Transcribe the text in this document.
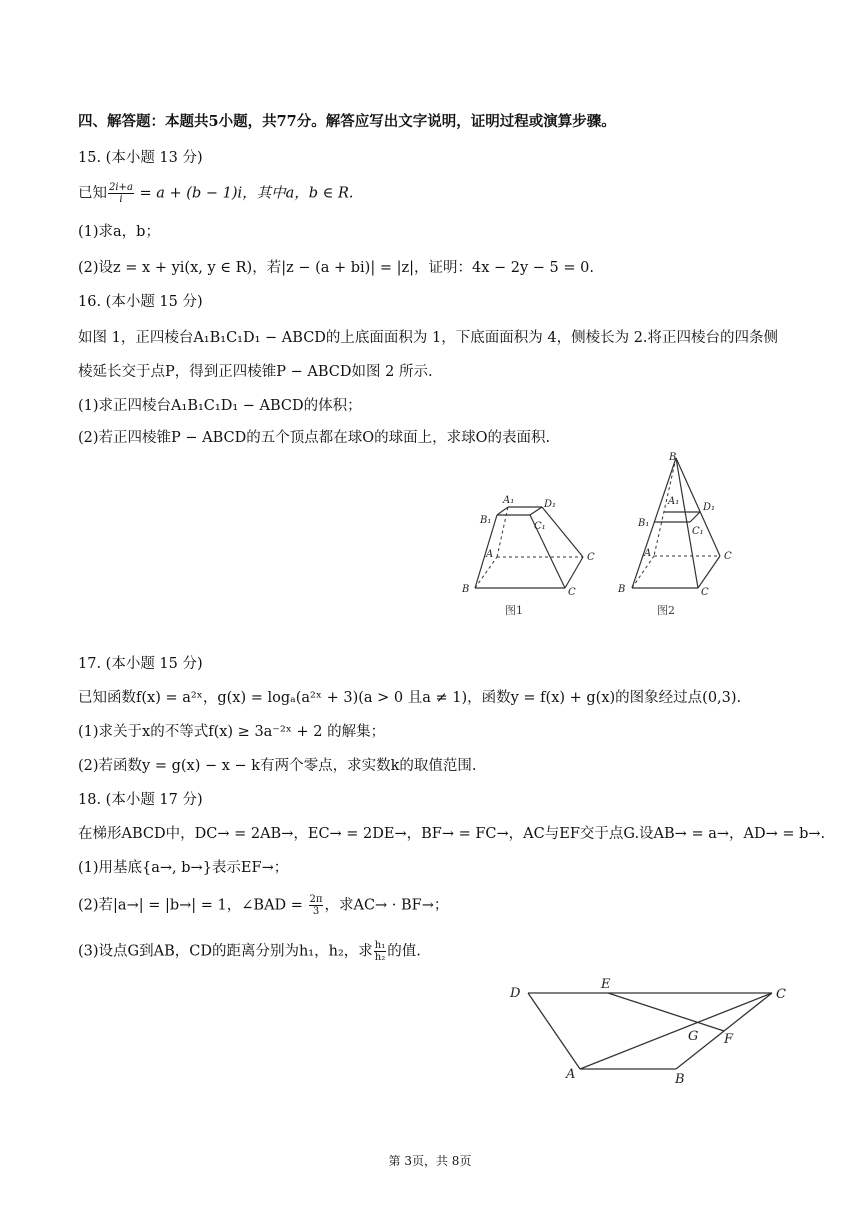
四、解答题：本题共5小题，共77分。解答应写出文字说明，证明过程或演算步骤。
15. (本小题 13 分)
已知 $\frac{2i+a}{i} = a + (b - 1)i$，其中a，b ∈ R.
(1)求a，b；
(2)设z = x + yi(x, y ∈ R)，若|z − (a + bi)| = |z|，证明：4x − 2y − 5 = 0.
16. (本小题 15 分)
如图 1，正四棱台A₁B₁C₁D₁ − ABCD的上底面面积为 1，下底面面积为 4，侧棱长为 2.将正四棱台的四条侧
棱延长交于点P，得到正四棱锥P − ABCD如图 2 所示.
(1)求正四棱台A₁B₁C₁D₁ − ABCD的体积；
(2)若正四棱锥P − ABCD的五个顶点都在球O的球面上，求球O的表面积.
A₁	D₁
B₁
C₁
A	C
B	C
图1
B
A₁
D₁
B₁
C₁
A	C
B	C
图2
17. (本小题 15 分)
已知函数f(x) = a²ˣ，g(x) = logₐ(a²ˣ + 3)(a > 0 且a ≠ 1)，函数y = f(x) + g(x)的图象经过点(0,3).
(1)求关于x的不等式f(x) ≥ 3a⁻²ˣ + 2 的解集；
(2)若函数y = g(x) − x − k有两个零点，求实数k的取值范围.
18. (本小题 17 分)
在梯形ABCD中，DC→ = 2AB→，EC→ = 2DE→，BF→ = FC→，AC与EF交于点G.设AB→ = a→，AD→ = b→.
(1)用基底{a→, b→}表示EF→；
(2)若|a→| = |b→| = 1，∠BAD = $\frac{2\pi}{3}$ ，求AC→ · BF→；
(3)设点G到AB，CD的距离分别为h₁，h₂，求 $\frac{\text{h₁}}{\text{h₂}}$ 的值.
D
E
C
G F
A	B
第 3页，共 8页
